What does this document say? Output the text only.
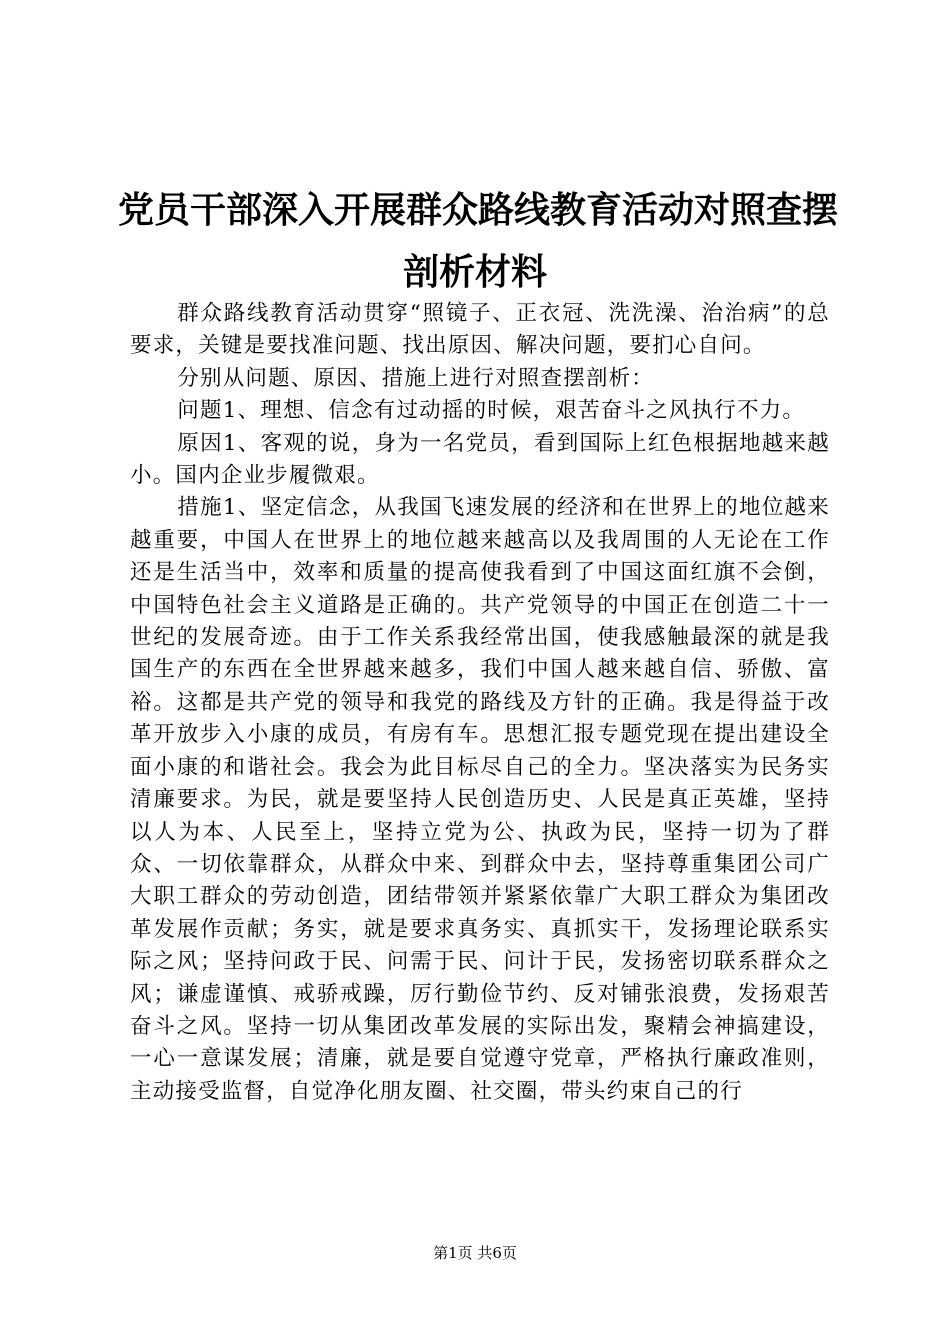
党员干部深入开展群众路线教育活动对照查摆
剖析材料

群众路线教育活动贯穿“照镜子、正衣冠、洗洗澡、治治病”的总要求，关键是要找准问题、找出原因、解决问题，要扪心自问。

分别从问题、原因、措施上进行对照查摆剖析：

问题1、理想、信念有过动摇的时候，艰苦奋斗之风执行不力。

原因1、客观的说，身为一名党员，看到国际上红色根据地越来越小。国内企业步履微艰。

措施1、坚定信念，从我国飞速发展的经济和在世界上的地位越来越重要，中国人在世界上的地位越来越高以及我周围的人无论在工作还是生活当中，效率和质量的提高使我看到了中国这面红旗不会倒，中国特色社会主义道路是正确的。共产党领导的中国正在创造二十一世纪的发展奇迹。由于工作关系我经常出国，使我感触最深的就是我国生产的东西在全世界越来越多，我们中国人越来越自信、骄傲、富裕。这都是共产党的领导和我党的路线及方针的正确。我是得益于改革开放步入小康的成员，有房有车。思想汇报专题党现在提出建设全面小康的和谐社会。我会为此目标尽自己的全力。坚决落实为民务实清廉要求。为民，就是要坚持人民创造历史、人民是真正英雄，坚持以人为本、人民至上，坚持立党为公、执政为民，坚持一切为了群众、一切依靠群众，从群众中来、到群众中去，坚持尊重集团公司广大职工群众的劳动创造，团结带领并紧紧依靠广大职工群众为集团改革发展作贡献；务实，就是要求真务实、真抓实干，发扬理论联系实际之风；坚持问政于民、问需于民、问计于民，发扬密切联系群众之风；谦虚谨慎、戒骄戒躁，厉行勤俭节约、反对铺张浪费，发扬艰苦奋斗之风。坚持一切从集团改革发展的实际出发，聚精会神搞建设，一心一意谋发展；清廉，就是要自觉遵守党章，严格执行廉政准则，主动接受监督，自觉净化朋友圈、社交圈，带头约束自己的行

第1页 共6页
